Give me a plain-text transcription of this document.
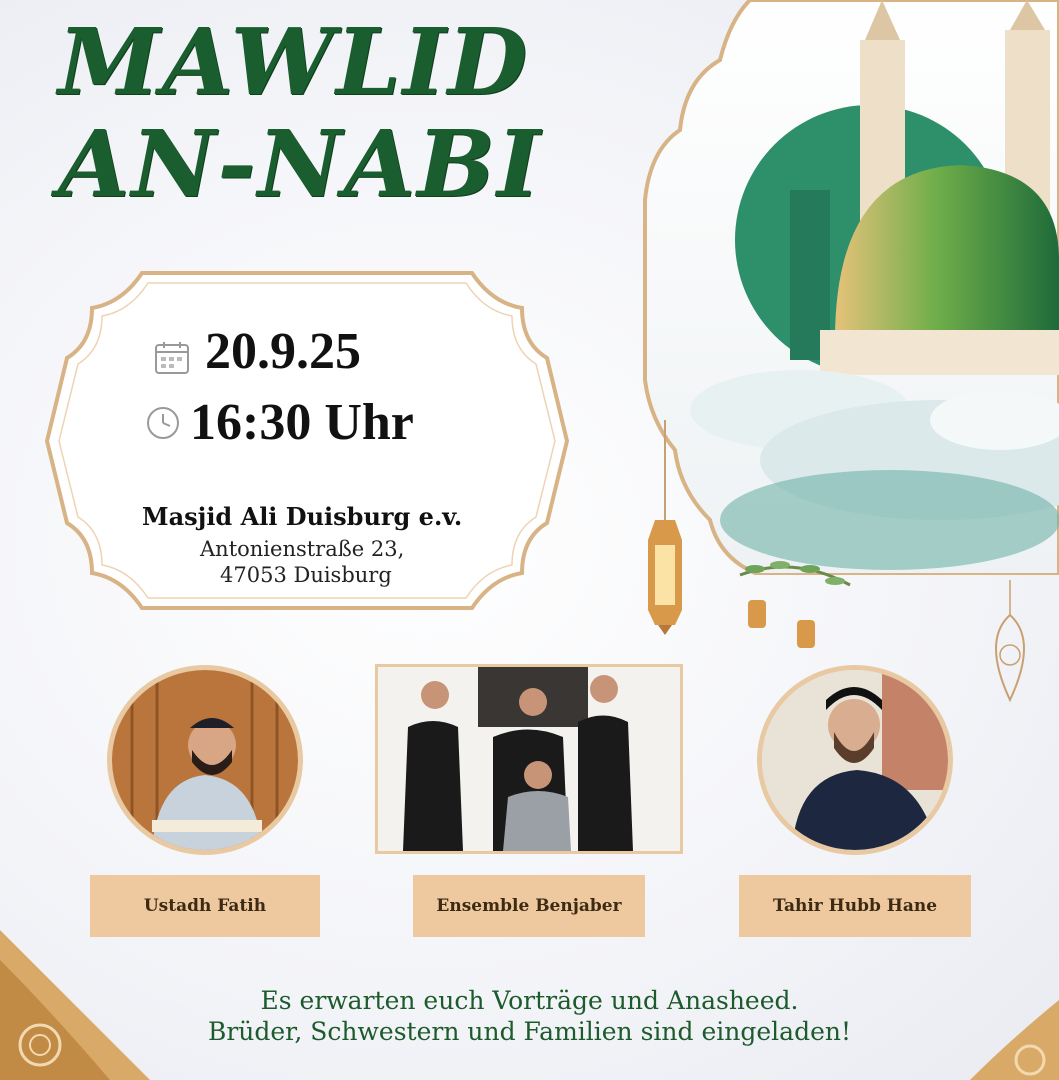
MAWLID
AN-NABI
20.9.25
16:30 Uhr
Masjid Ali Duisburg e.v.
Antonienstraße 23,
47053 Duisburg
Ustadh Fatih	Ensemble Benjaber	Tahir Hubb Hane
Es erwarten euch Vorträge und Anasheed.
Brüder, Schwestern und Familien sind eingeladen!
